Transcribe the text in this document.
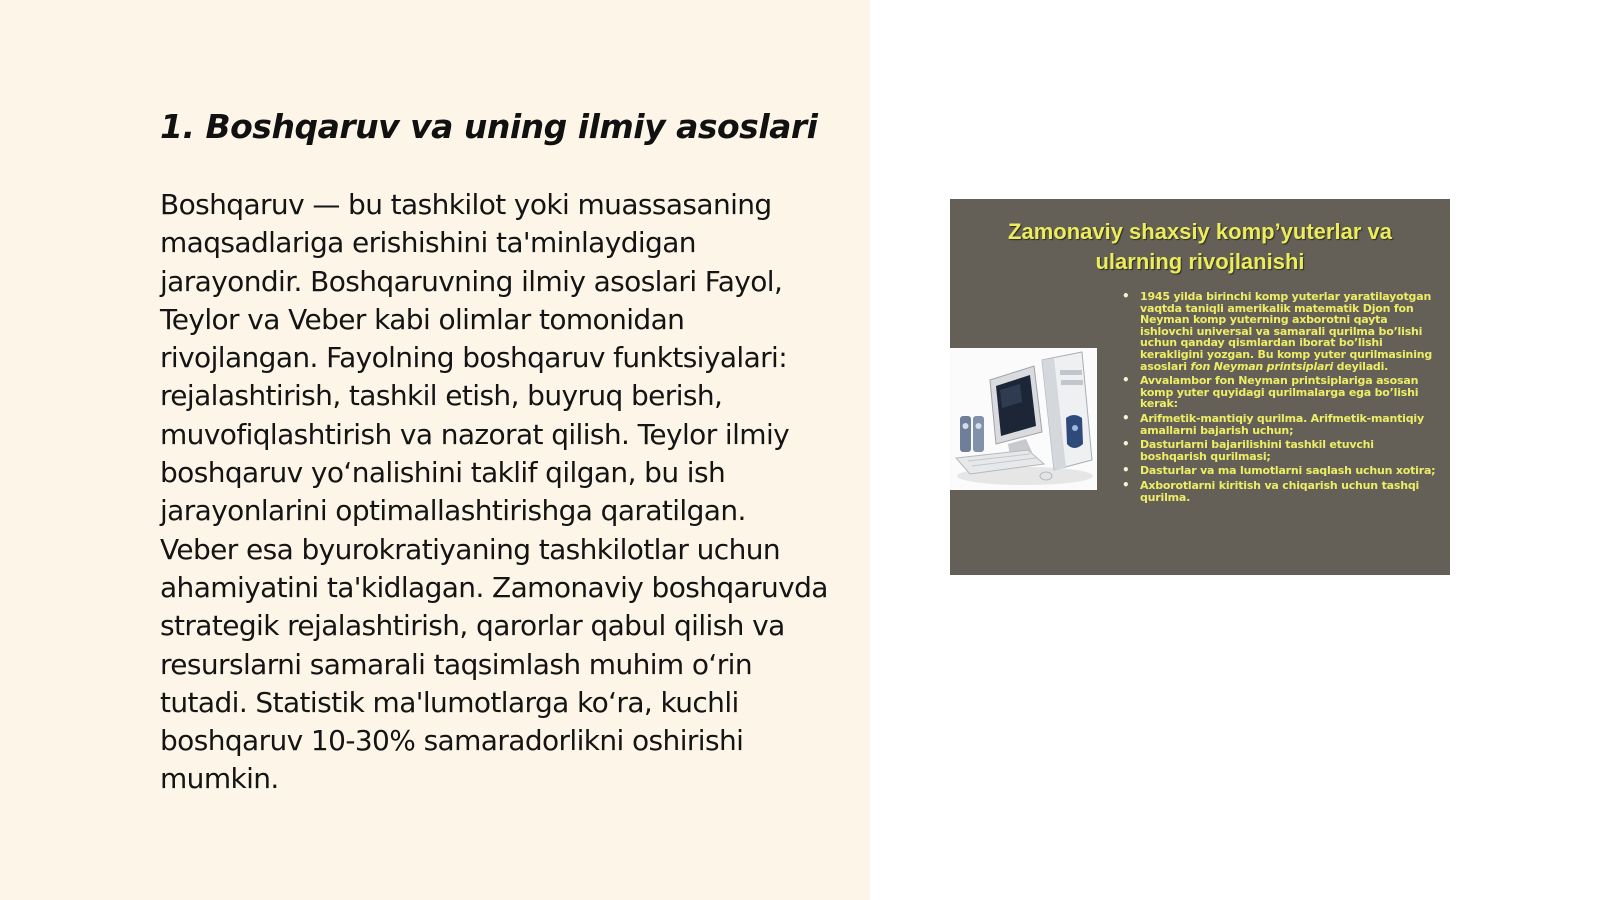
1. Boshqaruv va uning ilmiy asoslari

Boshqaruv — bu tashkilot yoki muassasaning maqsadlariga erishishini ta'minlaydigan jarayondir. Boshqaruvning ilmiy asoslari Fayol, Teylor va Veber kabi olimlar tomonidan rivojlangan. Fayolning boshqaruv funktsiyalari: rejalashtirish, tashkil etish, buyruq berish, muvofiqlashtirish va nazorat qilish. Teylor ilmiy boshqaruv yo‘nalishini taklif qilgan, bu ish jarayonlarini optimallashtirishga qaratilgan. Veber esa byurokratiyaning tashkilotlar uchun ahamiyatini ta'kidlagan. Zamonaviy boshqaruvda strategik rejalashtirish, qarorlar qabul qilish va resurslarni samarali taqsimlash muhim o‘rin tutadi. Statistik ma'lumotlarga ko‘ra, kuchli boshqaruv 10-30% samaradorlikni oshirishi mumkin.

Zamonaviy shaxsiy komp’yuterlar va
ularning rivojlanishi
• 1945 yilda birinchi komp yuterlar yaratilayotgan vaqtda taniqli amerikalik matematik Djon fon Neyman komp yuterning axborotni qayta ishlovchi universal va samarali qurilma bo’lishi uchun qanday qismlardan iborat bo’lishi kerakligini yozgan. Bu komp yuter qurilmasining asoslari fon Neyman printsiplari deyiladi.
• Avvalambor fon Neyman printsiplariga asosan komp yuter quyidagi qurilmalarga ega bo’lishi kerak:
• Arifmetik-mantiqiy qurilma. Arifmetik-mantiqiy amallarni bajarish uchun;
• Dasturlarni bajarilishini tashkil etuvchi boshqarish qurilmasi;
• Dasturlar va ma lumotlarni saqlash uchun xotira;
• Axborotlarni kiritish va chiqarish uchun tashqi qurilma.
